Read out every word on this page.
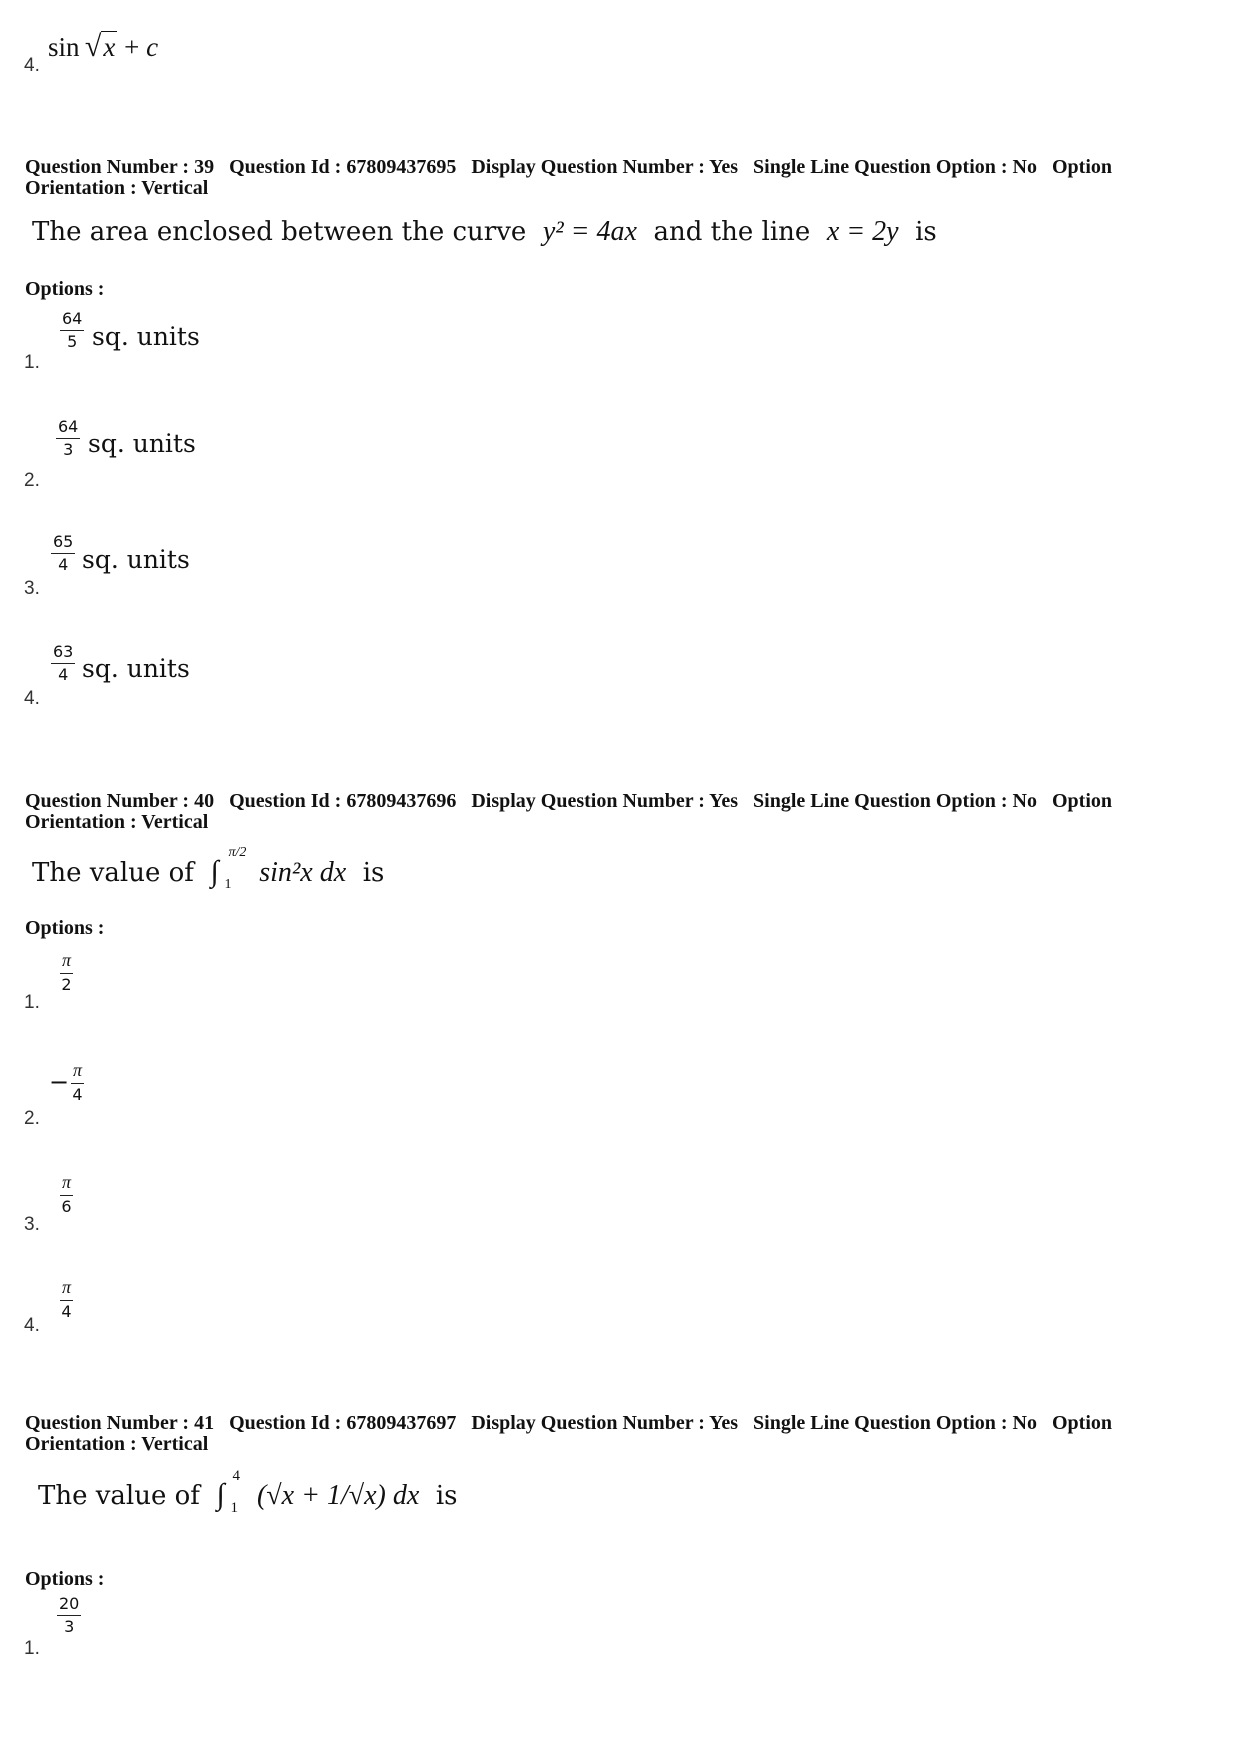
4.
sin  √x + c
Question Number : 39 Question Id : 67809437695 Display Question Number : Yes Single Line Question Option : No Option Orientation : Vertical
The area enclosed between the curve y² = 4ax and the line x = 2y is
Options :
1.
$\frac{64}{5}$ sq. units
2.
$\frac{64}{3}$ sq. units
3.
$\frac{65}{4}$ sq. units
4.
$\frac{63}{4}$ sq. units
Question Number : 40 Question Id : 67809437696 Display Question Number : Yes Single Line Question Option : No Option Orientation : Vertical
The value of ∫
π/2
1 sin²x dx is
Options :
1.
$\frac{\pi}{2}$
2.
− $\frac{\pi}{4}$
3.
$\frac{\pi}{6}$
4.
$\frac{\pi}{4}$
Question Number : 41 Question Id : 67809437697 Display Question Number : Yes Single Line Question Option : No Option Orientation : Vertical
The value of ∫
4
1 (√x + 1/√x) dx is
Options :
1.
$\frac{20}{3}$
